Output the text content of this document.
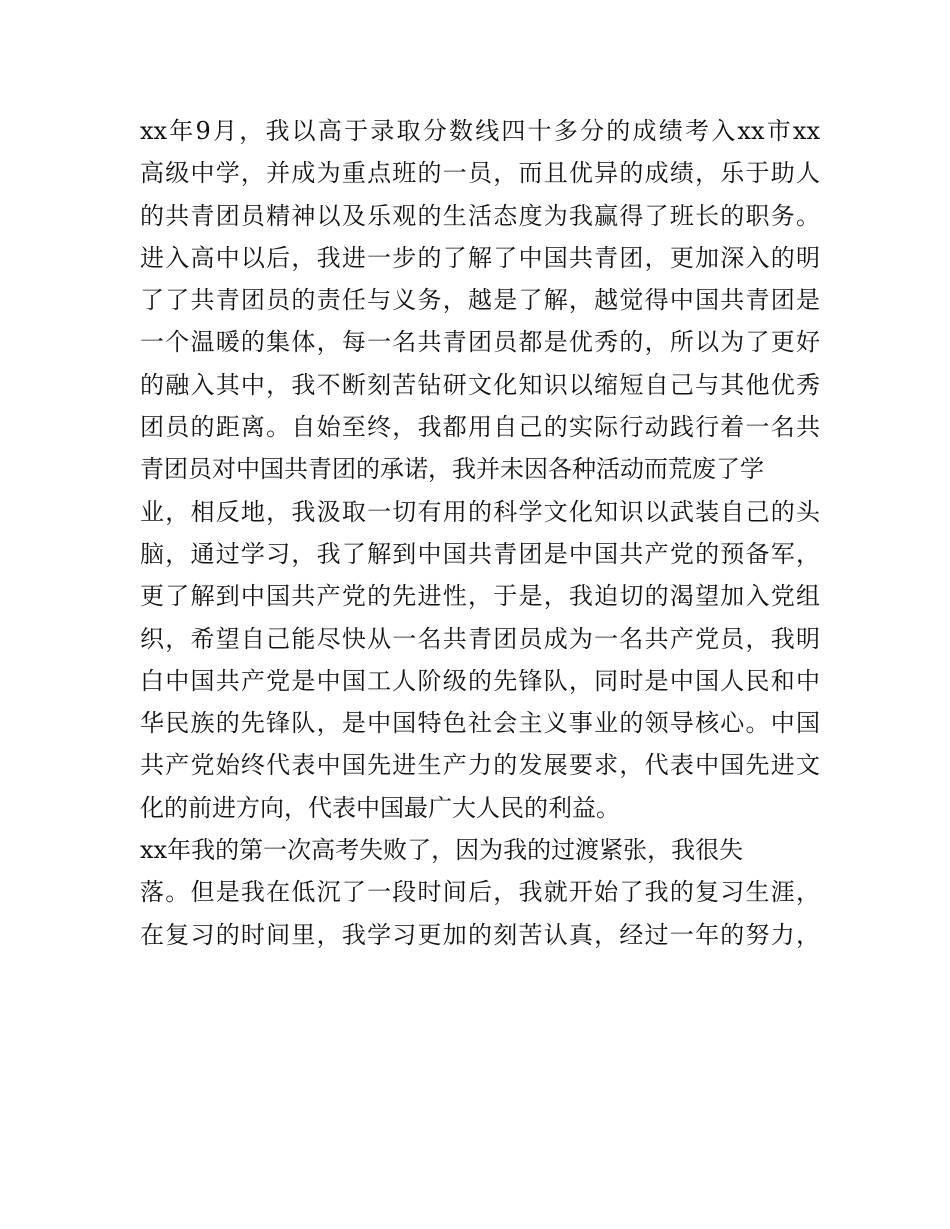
xx年9月，我以高于录取分数线四十多分的成绩考入xx市xx
高级中学，并成为重点班的一员，而且优异的成绩，乐于助人
的共青团员精神以及乐观的生活态度为我赢得了班长的职务。
进入高中以后，我进一步的了解了中国共青团，更加深入的明
了了共青团员的责任与义务，越是了解，越觉得中国共青团是
一个温暖的集体，每一名共青团员都是优秀的，所以为了更好
的融入其中，我不断刻苦钻研文化知识以缩短自己与其他优秀
团员的距离。自始至终，我都用自己的实际行动践行着一名共
青团员对中国共青团的承诺，我并未因各种活动而荒废了学
业，相反地，我汲取一切有用的科学文化知识以武装自己的头
脑，通过学习，我了解到中国共青团是中国共产党的预备军，
更了解到中国共产党的先进性，于是，我迫切的渴望加入党组
织，希望自己能尽快从一名共青团员成为一名共产党员，我明
白中国共产党是中国工人阶级的先锋队，同时是中国人民和中
华民族的先锋队，是中国特色社会主义事业的领导核心。中国
共产党始终代表中国先进生产力的发展要求，代表中国先进文
化的前进方向，代表中国最广大人民的利益。
xx年我的第一次高考失败了，因为我的过渡紧张，我很失
落。但是我在低沉了一段时间后，我就开始了我的复习生涯，
在复习的时间里，我学习更加的刻苦认真，经过一年的努力，
